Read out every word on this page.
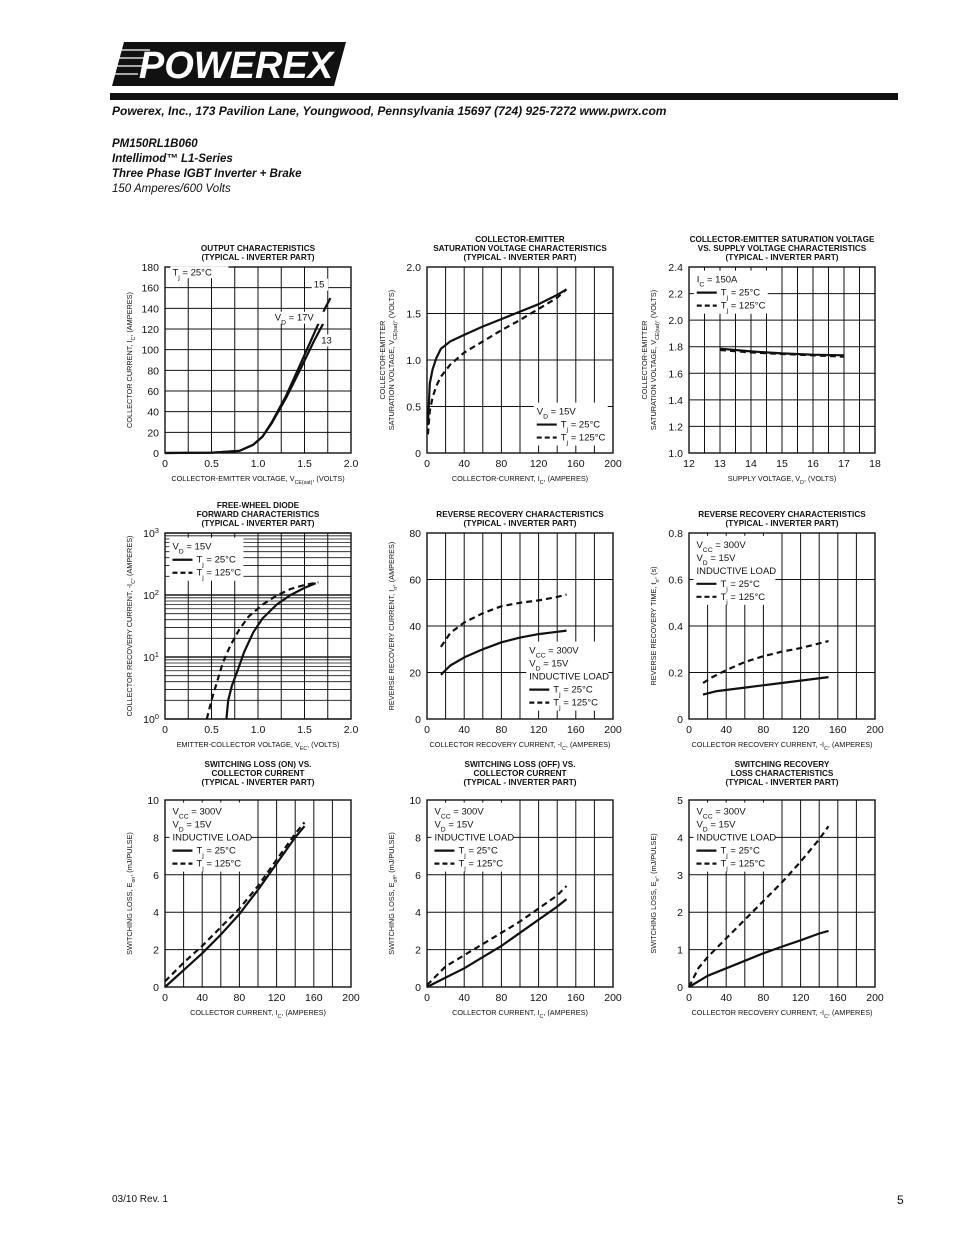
POWEREX
Powerex, Inc., 173 Pavilion Lane, Youngwood, Pennsylvania 15697 (724) 925-7272 www.pwrx.com
PM150RL1B060
Intellimod™ L1-Series
Three Phase IGBT Inverter + Brake
150 Amperes/600 Volts
OUTPUT CHARACTERISTICS
(TYPICAL - INVERTER PART)
0	0.5	1.0	1.5	2.0
0
20
40
60
80
100
120
140
160
180
COLLECTOR-EMITTER VOLTAGE, $V_{CE(sat)}$, (VOLTS)
COLLECTOR CURRENT, $I_C$, (AMPERES)
$T_j = 25^\circ C$
$V_D = 17V$
15
13
COLLECTOR-EMITTER
SATURATION VOLTAGE CHARACTERISTICS
(TYPICAL - INVERTER PART)
0	40 80 120 160 200
0
0.5
1.0
1.5
2.0
COLLECTOR-CURRENT, $I_C$, (AMPERES)
SATURATION VOLTAGE, $V_{CE(sat)}$, (VOLTS)
COLLECTOR-EMITTER
$V_D = 15V$
$T_j = 25^\circ C$
$T_j = 125^\circ C$
COLLECTOR-EMITTER SATURATION VOLTAGE
VS. SUPPLY VOLTAGE CHARACTERISTICS
(TYPICAL - INVERTER PART)
12 13 14 15 16 17 18
1.0
1.2
1.4
1.6
1.8
2.0
2.2
2.4
SUPPLY VOLTAGE, $V_D$, (VOLTS)
SATURATION VOLTAGE, $V_{CE(sat)}$, (VOLTS)
COLLECTOR-EMITTER
$I_C = 150A$
$T_j = 25^\circ C$
$T_j = 125^\circ C$
FREE-WHEEL DIODE
FORWARD CHARACTERISTICS
(TYPICAL - INVERTER PART)
0	0.5	1.0	1.5	2.0
$10^0$
$10^1$
$10^2$
$10^3$
EMITTER-COLLECTOR VOLTAGE, $V_{EC}$, (VOLTS)
COLLECTOR RECOVERY CURRENT, $-I_C$, (AMPERES)	$V_D = 15V$
$T_j = 25^\circ C$
$T_j = 125^\circ C$
REVERSE RECOVERY CHARACTERISTICS
(TYPICAL - INVERTER PART)
0	40 80 120 160 200
0
20
40
60
80
COLLECTOR RECOVERY CURRENT, $-I_C$, (AMPERES)
REVERSE RECOVERY CURRENT, $I_{rr}$, (AMPERES)
$V_{CC} = 300V$
$V_D = 15V$
INDUCTIVE LOAD
$T_j = 25^\circ C$
$T_j = 125^\circ C$
REVERSE RECOVERY CHARACTERISTICS
(TYPICAL - INVERTER PART)
0	40 80 120 160 200
0
0.2
0.4
0.6
0.8
COLLECTOR RECOVERY CURRENT, $-I_C$, (AMPERES)
REVERSE RECOVERY TIME, $t_{rr}$, (s)
$V_{CC} = 300V$
$V_D = 15V$
INDUCTIVE LOAD
$T_j = 25^\circ C$
$T_j = 125^\circ C$
SWITCHING LOSS (ON) VS.
COLLECTOR CURRENT
(TYPICAL - INVERTER PART)
0	40 80 120 160 200
0
2
4
6
8
10
COLLECTOR CURRENT, $I_C$, (AMPERES)
SWITCHING LOSS, $E_{on}$, (mJ/PULSE)
$V_{CC} = 300V$
$V_D = 15V$
INDUCTIVE LOAD
$T_j = 25^\circ C$
$T_j = 125^\circ C$
SWITCHING LOSS (OFF) VS.
COLLECTOR CURRENT
(TYPICAL - INVERTER PART)
0	40 80 120 160 200
0
2
4
6
8
10
COLLECTOR CURRENT, $I_C$, (AMPERES)
SWITCHING LOSS, $E_{off}$, (mJ/PULSE)
$V_{CC} = 300V$
$V_D = 15V$
INDUCTIVE LOAD
$T_j = 25^\circ C$
$T_j = 125^\circ C$
SWITCHING RECOVERY
LOSS CHARACTERISTICS
(TYPICAL - INVERTER PART)
0	40 80 120 160 200
0
1
2
3
4
5
COLLECTOR RECOVERY CURRENT, $-I_C$, (AMPERES)
SWITCHING LOSS, $E_{rr}$, (mJ/PULSE)
$V_{CC} = 300V$
$V_D = 15V$
INDUCTIVE LOAD
$T_j = 25^\circ C$
$T_j = 125^\circ C$
03/10 Rev. 1	5
